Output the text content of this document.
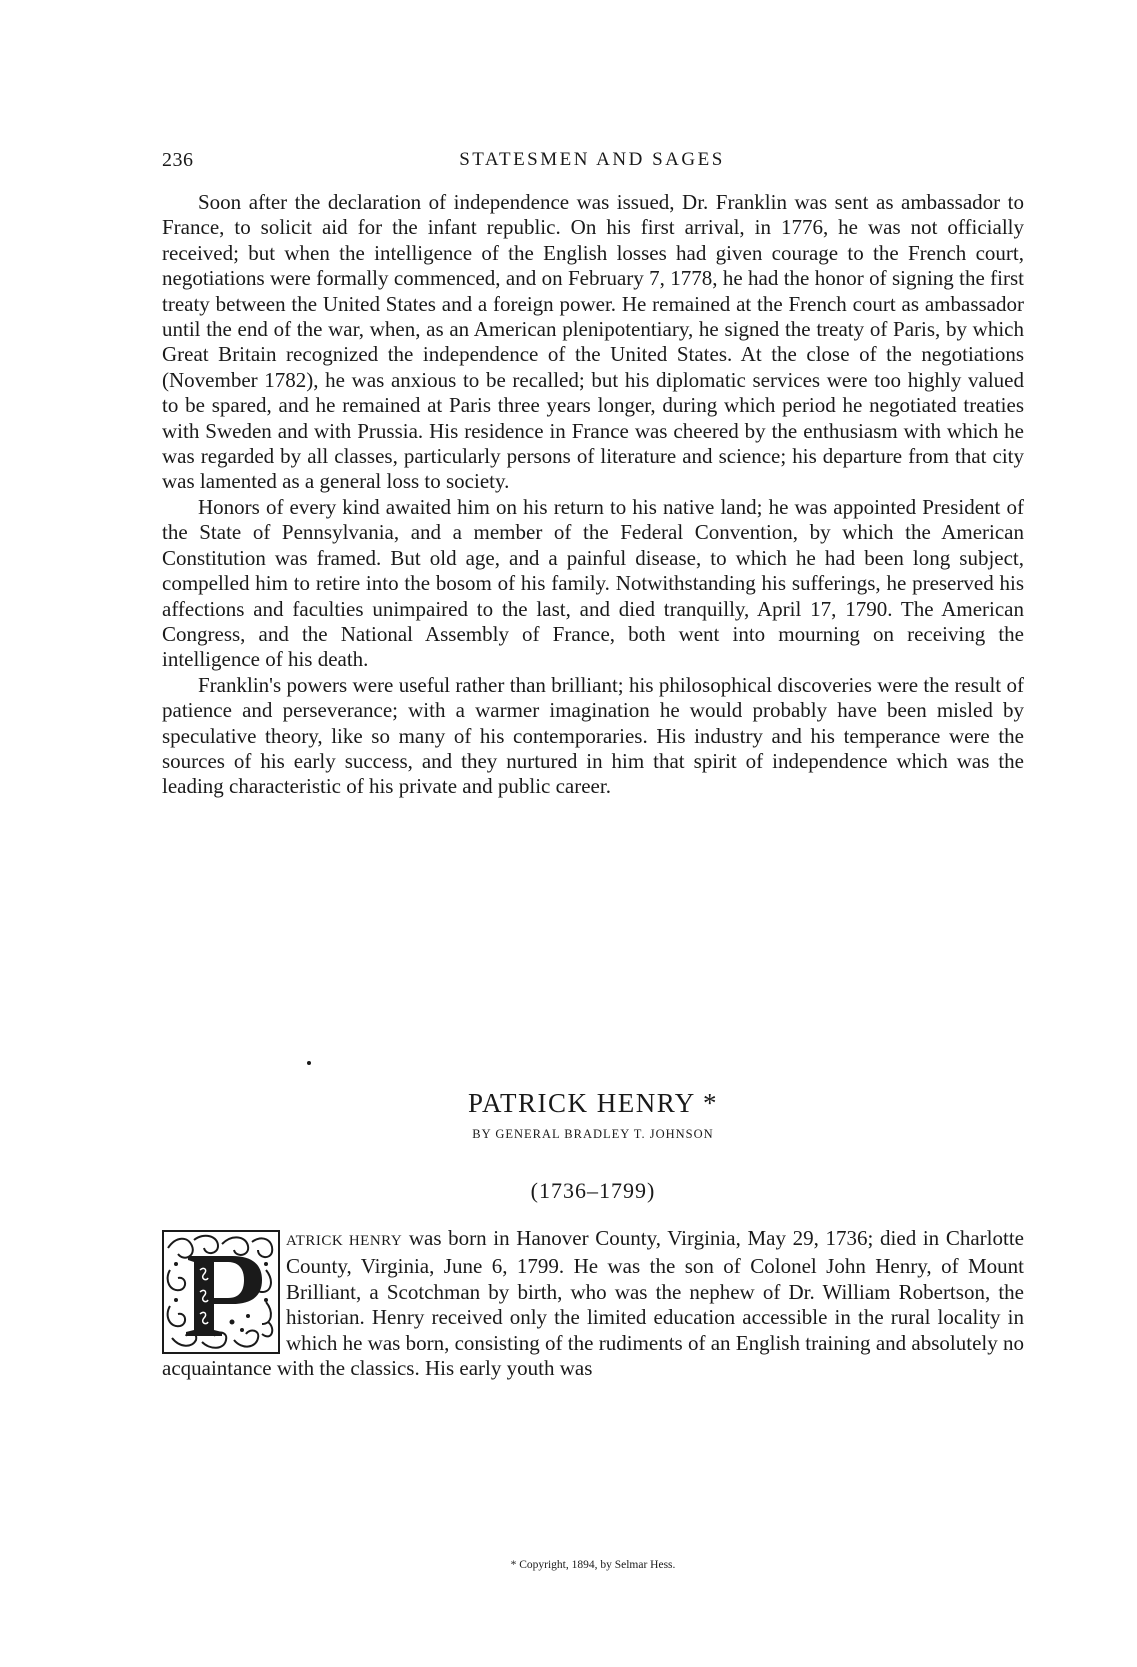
236	STATESMEN AND SAGES

Soon after the declaration of independence was issued, Dr. Franklin was sent as ambassador to France, to solicit aid for the infant republic. On his first arrival, in 1776, he was not officially received; but when the intelligence of the English losses had given courage to the French court, negotiations were formally commenced, and on February 7, 1778, he had the honor of signing the first treaty between the United States and a foreign power. He remained at the French court as ambassador until the end of the war, when, as an American plenipotentiary, he signed the treaty of Paris, by which Great Britain recognized the independence of the United States. At the close of the negotiations (November 1782), he was anxious to be recalled; but his diplomatic services were too highly valued to be spared, and he remained at Paris three years longer, during which period he negotiated treaties with Sweden and with Prussia. His residence in France was cheered by the enthusiasm with which he was regarded by all classes, particularly persons of literature and science; his departure from that city was lamented as a general loss to society.

Honors of every kind awaited him on his return to his native land; he was appointed President of the State of Pennsylvania, and a member of the Federal Convention, by which the American Constitution was framed. But old age, and a painful disease, to which he had been long subject, compelled him to retire into the bosom of his family. Notwithstanding his sufferings, he preserved his affections and faculties unimpaired to the last, and died tranquilly, April 17, 1790. The American Congress, and the National Assembly of France, both went into mourning on receiving the intelligence of his death.

Franklin's powers were useful rather than brilliant; his philosophical discoveries were the result of patience and perseverance; with a warmer imagination he would probably have been misled by speculative theory, like so many of his contemporaries. His industry and his temperance were the sources of his early success, and they nurtured in him that spirit of independence which was the leading characteristic of his private and public career.

PATRICK HENRY *
BY GENERAL BRADLEY T. JOHNSON
(1736–1799)

ATRICK HENRY was born in Hanover County, Virginia, May 29, 1736; died in Charlotte County, Virginia, June 6, 1799. He was the son of Colonel John Henry, of Mount Brilliant, a Scotchman by birth, who was the nephew of Dr. William Robertson, the historian. Henry received only the limited education accessible in the rural locality in which he was born, consisting of the rudiments of an English training and absolutely no acquaintance with the classics. His early youth was

* Copyright, 1894, by Selmar Hess.
